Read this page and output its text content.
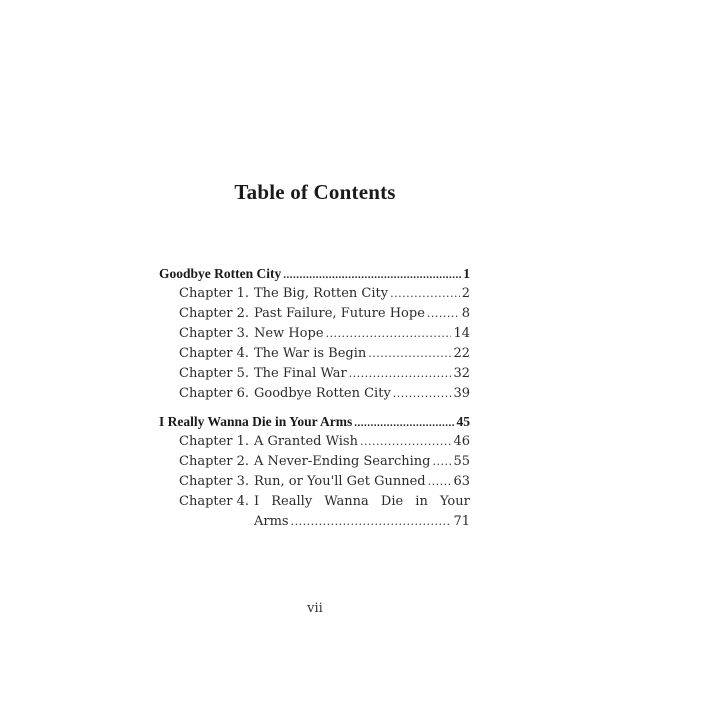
Table of Contents
Goodbye Rotten City .....	1
Chapter 1. The Big, Rotten City .....	2
Chapter 2. Past Failure, Future Hope .....	8
Chapter 3. New Hope .....	14
Chapter 4. The War is Begin .....	22
Chapter 5. The Final War .....	32
Chapter 6. Goodbye Rotten City .....	39
I Really Wanna Die in Your Arms .....	45
Chapter 1. A Granted Wish .....	46
Chapter 2. A Never-Ending Searching ..... 55
Chapter 3. Run, or You'll Get Gunned ..... 63
Chapter 4. I Really Wanna Die in Your
Arms .....	71
vii
